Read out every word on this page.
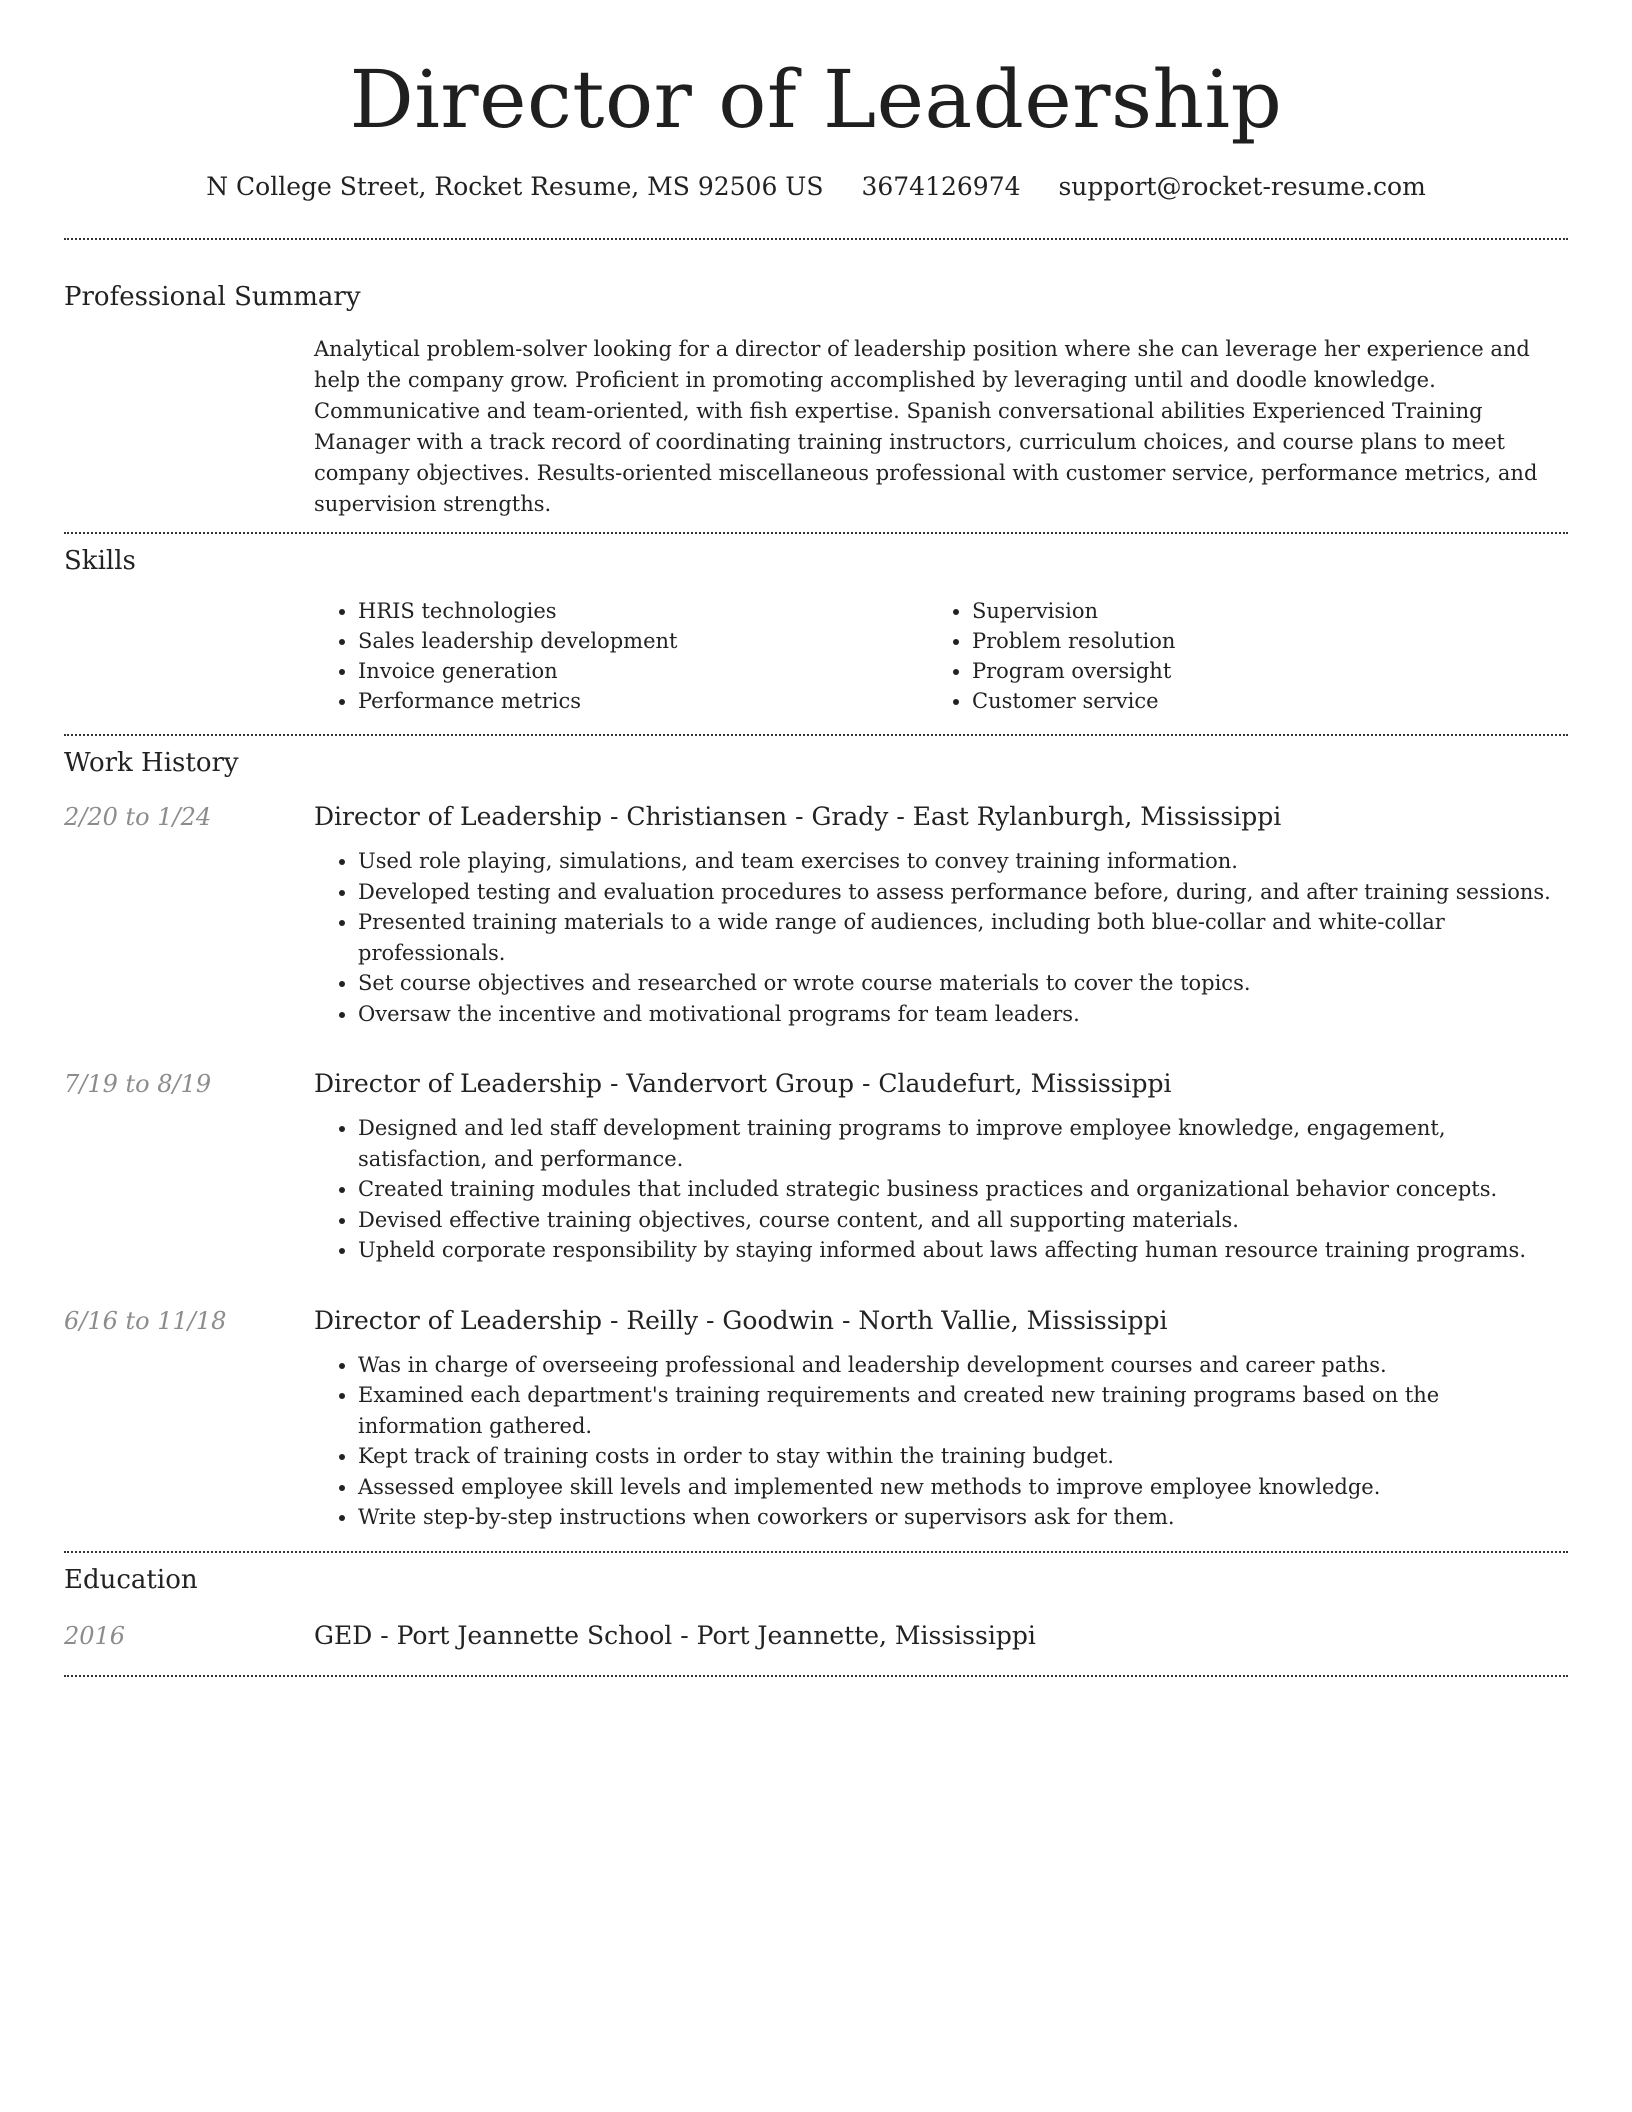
Director of Leadership
N College Street, Rocket Resume, MS 92506 US 3674126974 support@rocket-resume.com
Professional Summary

Analytical problem-solver looking for a director of leadership position where she can leverage her experience and help the company grow. Proficient in promoting accomplished by leveraging until and doodle knowledge. Communicative and team-oriented, with fish expertise. Spanish conversational abilities Experienced Training Manager with a track record of coordinating training instructors, curriculum choices, and course plans to meet company objectives. Results-oriented miscellaneous professional with customer service, performance metrics, and supervision strengths.

Skills
• HRIS technologies
• Sales leadership development
• Invoice generation
• Performance metrics
• Supervision
• Problem resolution
• Program oversight
• Customer service
Work History
2/20 to 1/24	Director of Leadership - Christiansen - Grady - East Rylanburgh, Mississippi
• Used role playing, simulations, and team exercises to convey training information.
• Developed testing and evaluation procedures to assess performance before, during, and after training sessions.
• Presented training materials to a wide range of audiences, including both blue-collar and white-collar professionals.
• Set course objectives and researched or wrote course materials to cover the topics.
• Oversaw the incentive and motivational programs for team leaders.
7/19 to 8/19	Director of Leadership - Vandervort Group - Claudefurt, Mississippi
• Designed and led staff development training programs to improve employee knowledge, engagement, satisfaction, and performance.
• Created training modules that included strategic business practices and organizational behavior concepts.
• Devised effective training objectives, course content, and all supporting materials.
• Upheld corporate responsibility by staying informed about laws affecting human resource training programs.
6/16 to 11/18	Director of Leadership - Reilly - Goodwin - North Vallie, Mississippi
• Was in charge of overseeing professional and leadership development courses and career paths.
• Examined each department's training requirements and created new training programs based on the information gathered.
• Kept track of training costs in order to stay within the training budget.
• Assessed employee skill levels and implemented new methods to improve employee knowledge.
• Write step-by-step instructions when coworkers or supervisors ask for them.
Education
2016	GED - Port Jeannette School - Port Jeannette, Mississippi
